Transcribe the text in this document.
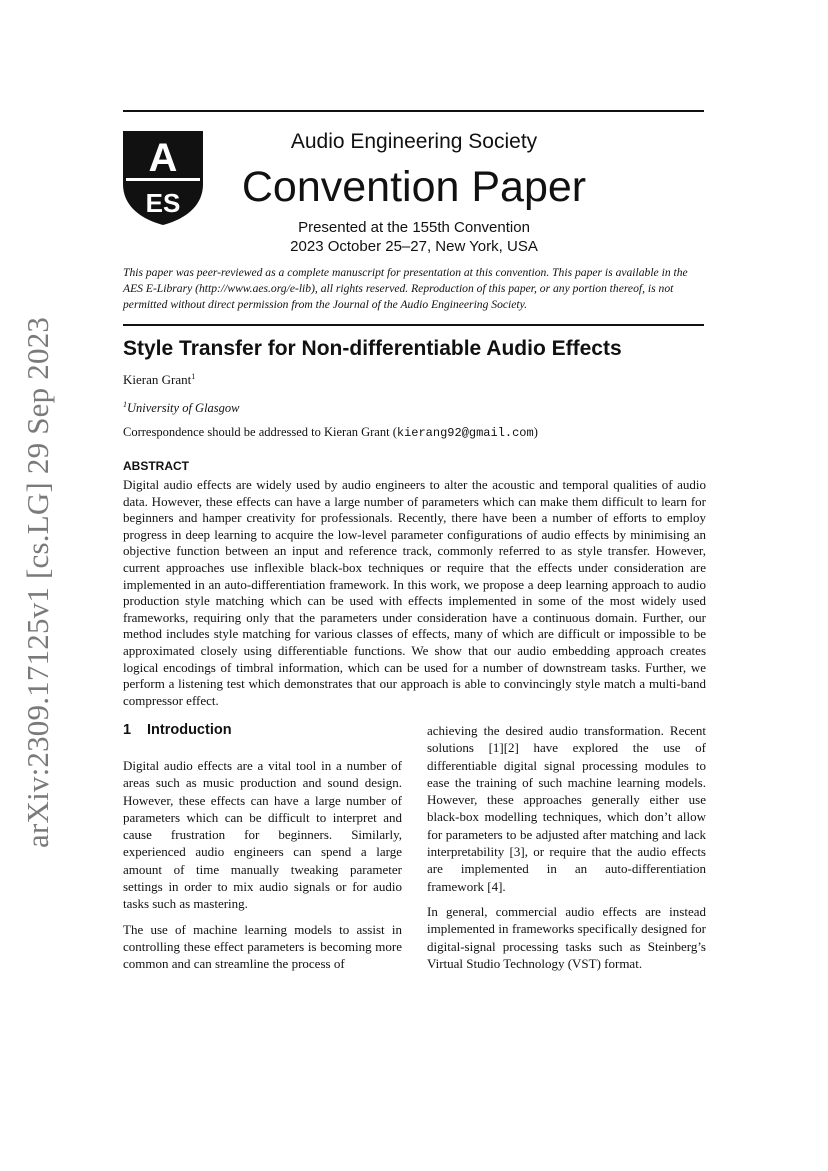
arXiv:2309.17125v1 [cs.LG] 29 Sep 2023
A
ES
Audio Engineering Society
Convention Paper
Presented at the 155th Convention
2023 October 25–27, New York, USA
This paper was peer-reviewed as a complete manuscript for presentation at this convention. This paper is available in the AES E-Library (http://www.aes.org/e-lib), all rights reserved. Reproduction of this paper, or any portion thereof, is not permitted without direct permission from the Journal of the Audio Engineering Society.
Style Transfer for Non-differentiable Audio Effects
Kieran Grant$^1$
$^1$University of Glasgow
Correspondence should be addressed to Kieran Grant (kierang92@gmail.com)
ABSTRACT
Digital audio effects are widely used by audio engineers to alter the acoustic and temporal qualities of audio data. However, these effects can have a large number of parameters which can make them difficult to learn for beginners and hamper creativity for professionals. Recently, there have been a number of efforts to employ progress in deep learning to acquire the low-level parameter configurations of audio effects by minimising an objective function between an input and reference track, commonly referred to as style transfer. However, current approaches use inflexible black-box techniques or require that the effects under consideration are implemented in an auto-differentiation framework. In this work, we propose a deep learning approach to audio production style matching which can be used with effects implemented in some of the most widely used frameworks, requiring only that the parameters under consideration have a continuous domain. Further, our method includes style matching for various classes of effects, many of which are difficult or impossible to be approximated closely using differentiable functions. We show that our audio embedding approach creates logical encodings of timbral information, which can be used for a number of downstream tasks. Further, we perform a listening test which demonstrates that our approach is able to convincingly style match a multi-band compressor effect.
1 Introduction

Digital audio effects are a vital tool in a number of areas such as music production and sound design. However, these effects can have a large number of parameters which can be difficult to interpret and cause frustration for beginners. Similarly, experienced audio engineers can spend a large amount of time manually tweaking parameter settings in order to mix audio signals or for audio tasks such as mastering.

The use of machine learning models to assist in controlling these effect parameters is becoming more common and can streamline the process of

achieving the desired audio transformation. Recent solutions [1][2] have explored the use of differentiable digital signal processing modules to ease the training of such machine learning models. However, these approaches generally either use black-box modelling techniques, which don’t allow for parameters to be adjusted after matching and lack interpretability [3], or require that the audio effects are implemented in an auto-differentiation framework [4].

In general, commercial audio effects are instead implemented in frameworks specifically designed for digital-signal processing tasks such as Steinberg’s Virtual Studio Technology (VST) format.
